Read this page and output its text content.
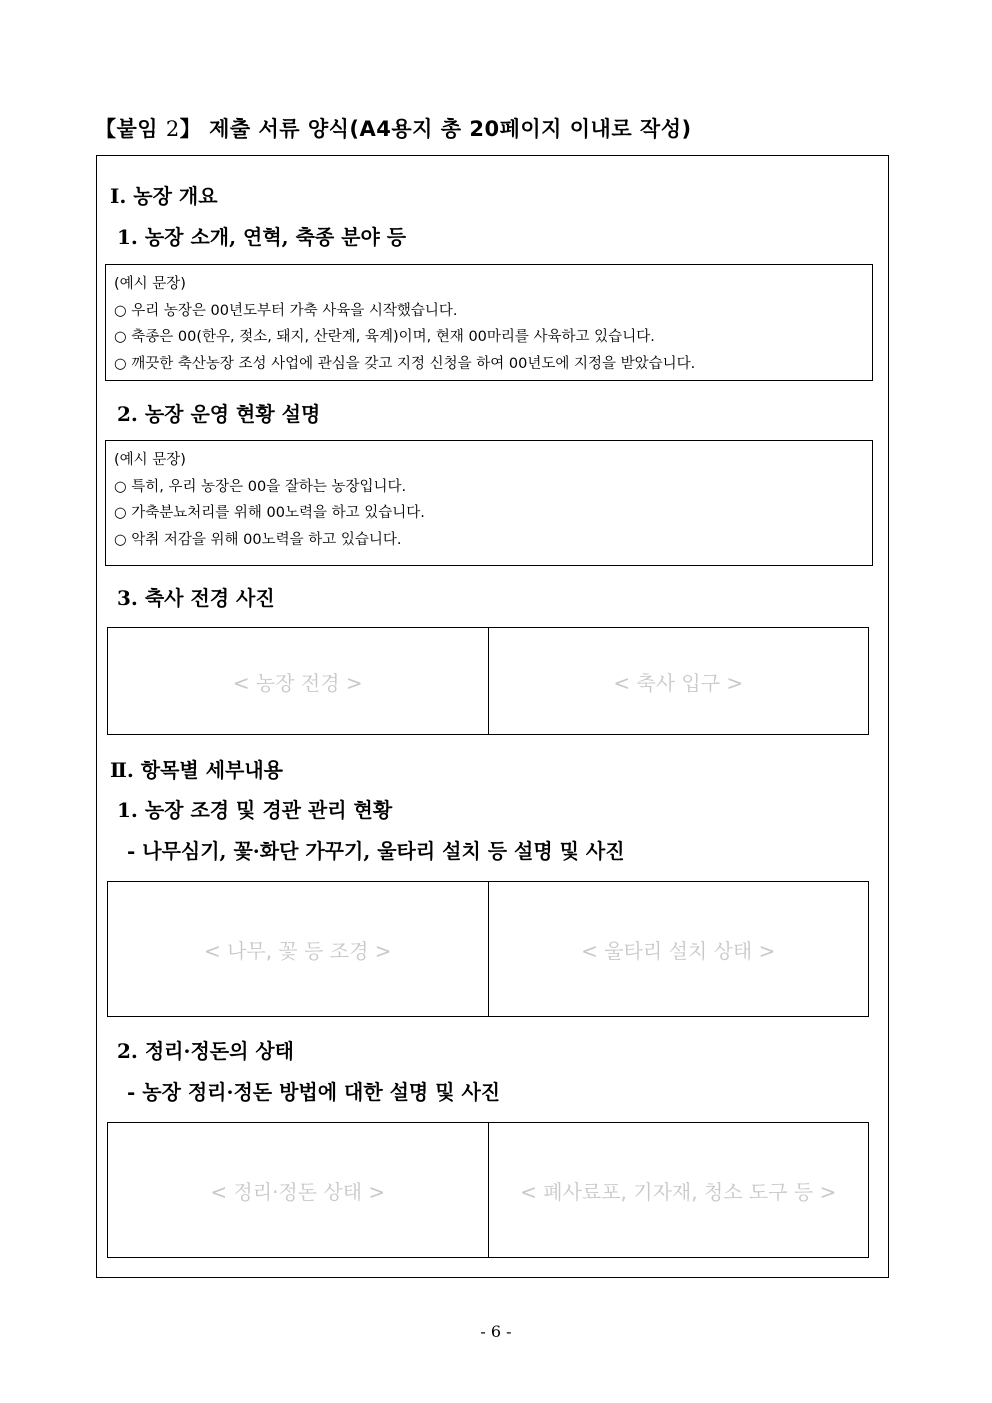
【붙임 2】 제출 서류 양식(A4용지 총 20페이지 이내로 작성)
Ⅰ. 농장 개요
1. 농장 소개, 연혁, 축종 분야 등
(예시 문장)
○ 우리 농장은 00년도부터 가축 사육을 시작했습니다.
○ 축종은 00(한우, 젖소, 돼지, 산란계, 육계)이며, 현재 00마리를 사육하고 있습니다.
○ 깨끗한 축산농장 조성 사업에 관심을 갖고 지정 신청을 하여 00년도에 지정을 받았습니다.
2. 농장 운영 현황 설명
(예시 문장)
○ 특히, 우리 농장은 00을 잘하는 농장입니다.
○ 가축분뇨처리를 위해 00노력을 하고 있습니다.
○ 악취 저감을 위해 00노력을 하고 있습니다.
3. 축사 전경 사진
< 농장 전경 >	< 축사 입구 >
Ⅱ. 항목별 세부내용
1. 농장 조경 및 경관 관리 현황
- 나무심기, 꽃·화단 가꾸기, 울타리 설치 등 설명 및 사진
< 나무, 꽃 등 조경 >	< 울타리 설치 상태 >
2. 정리·정돈의 상태
- 농장 정리·정돈 방법에 대한 설명 및 사진
< 정리·정돈 상태 >	< 폐사료포, 기자재, 청소 도구 등 >
- 6 -
